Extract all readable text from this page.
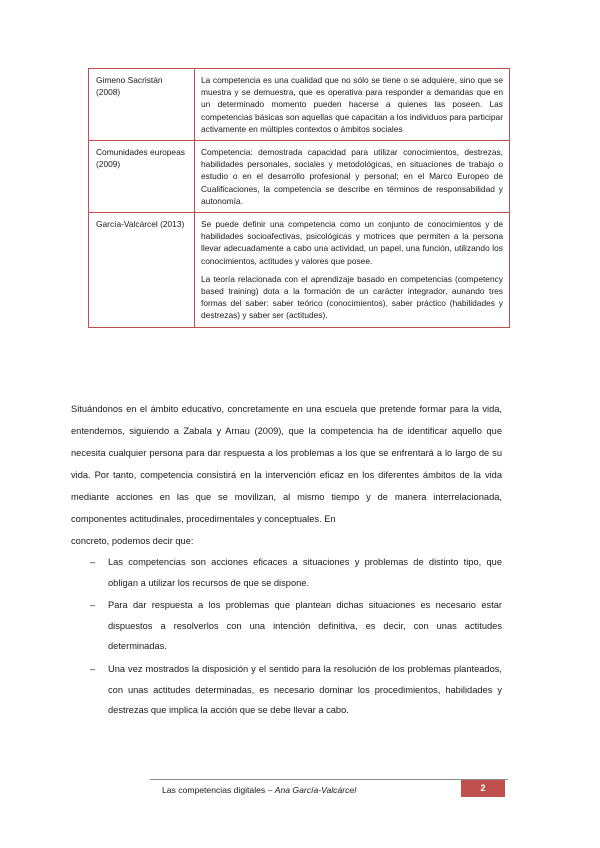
Gimeno Sacristán (2008)	La competencia es una cualidad que no sólo se tiene o se adquiere, sino que se muestra y se demuestra, que es operativa para responder a demandas que en un determinado momento pueden hacerse a quienes las poseen. Las competencias básicas son aquellas que capacitan a los individuos para participar activamente en múltiples contextos o ámbitos sociales

Comunidades europeas (2009)	Competencia: demostrada capacidad para utilizar conocimientos, destrezas, habilidades personales, sociales y metodológicas, en situaciones de trabajo o estudio o en el desarrollo profesional y personal; en el Marco Europeo de Cualificaciones, la competencia se describe en términos de responsabilidad y autonomía.

García-Valcárcel (2013)	Se puede definir una competencia como un conjunto de conocimientos y de habilidades socioafectivas, psicológicas y motrices que permiten a la persona llevar adecuadamente a cabo una actividad, un papel, una función, utilizando los conocimientos, actitudes y valores que posee.

La teoría relacionada con el aprendizaje basado en competencias (competency based training) dota a la formación de un carácter integrador, aunando tres formas del saber: saber teórico (conocimientos), saber práctico (habilidades y destrezas) y saber ser (actitudes).

Situándonos en el ámbito educativo, concretamente en una escuela que pretende formar para la vida, entendemos, siguiendo a Zabala y Arnau (2009), que la competencia ha de identificar aquello que necesita cualquier persona para dar respuesta a los problemas a los que se enfrentará a lo largo de su vida. Por tanto, competencia consistirá en la intervención eficaz en los diferentes ámbitos de la vida mediante acciones en las que se movilizan, al mismo tiempo y de manera interrelacionada, componentes actitudinales, procedimentales y conceptuales. En
concreto, podemos decir que:
– Las competencias son acciones eficaces a situaciones y problemas de distinto tipo, que obligan a utilizar los recursos de que se dispone.
– Para dar respuesta a los problemas que plantean dichas situaciones es necesario estar dispuestos a resolverlos con una intención definitiva, es decir, con unas actitudes determinadas.
– Una vez mostrados la disposición y el sentido para la resolución de los problemas planteados, con unas actitudes determinadas, es necesario dominar los procedimientos, habilidades y destrezas que implica la acción que se debe llevar a cabo.
Las competencias digitales – Ana García-Valcárcel	2
